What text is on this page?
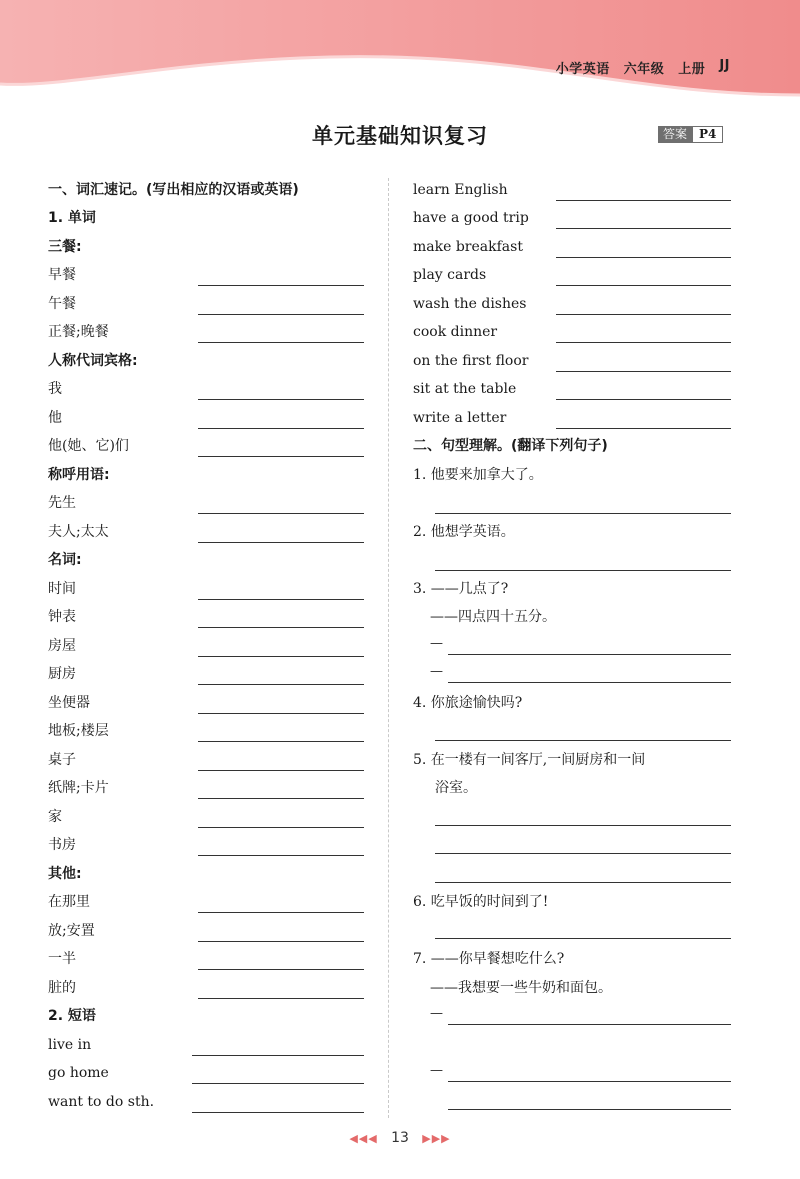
小学英语 六年级 上册 JJ
单元基础知识复习	答案	P4
一、词汇速记。(写出相应的汉语或英语)
1. 单词
三餐:
早餐
午餐
正餐;晚餐
人称代词宾格:
我
他
他(她、它)们
称呼用语:
先生
夫人;太太
名词:
时间
钟表
房屋
厨房
坐便器
地板;楼层
桌子
纸牌;卡片
家
书房
其他:
在那里
放;安置
一半
脏的
2. 短语
live in
go home
want to do sth.
learn English
have a good trip
make breakfast
play cards
wash the dishes
cook dinner
on the first floor
sit at the table
write a letter
二、句型理解。(翻译下列句子)
1. 他要来加拿大了。
2. 他想学英语。
3. ——几点了?
——四点四十五分。
—
—
4. 你旅途愉快吗?
5. 在一楼有一间客厅,一间厨房和一间
浴室。
6. 吃早饭的时间到了!
7. ——你早餐想吃什么?
——我想要一些牛奶和面包。
—
—
◀◀◀ 13 ▶▶▶
